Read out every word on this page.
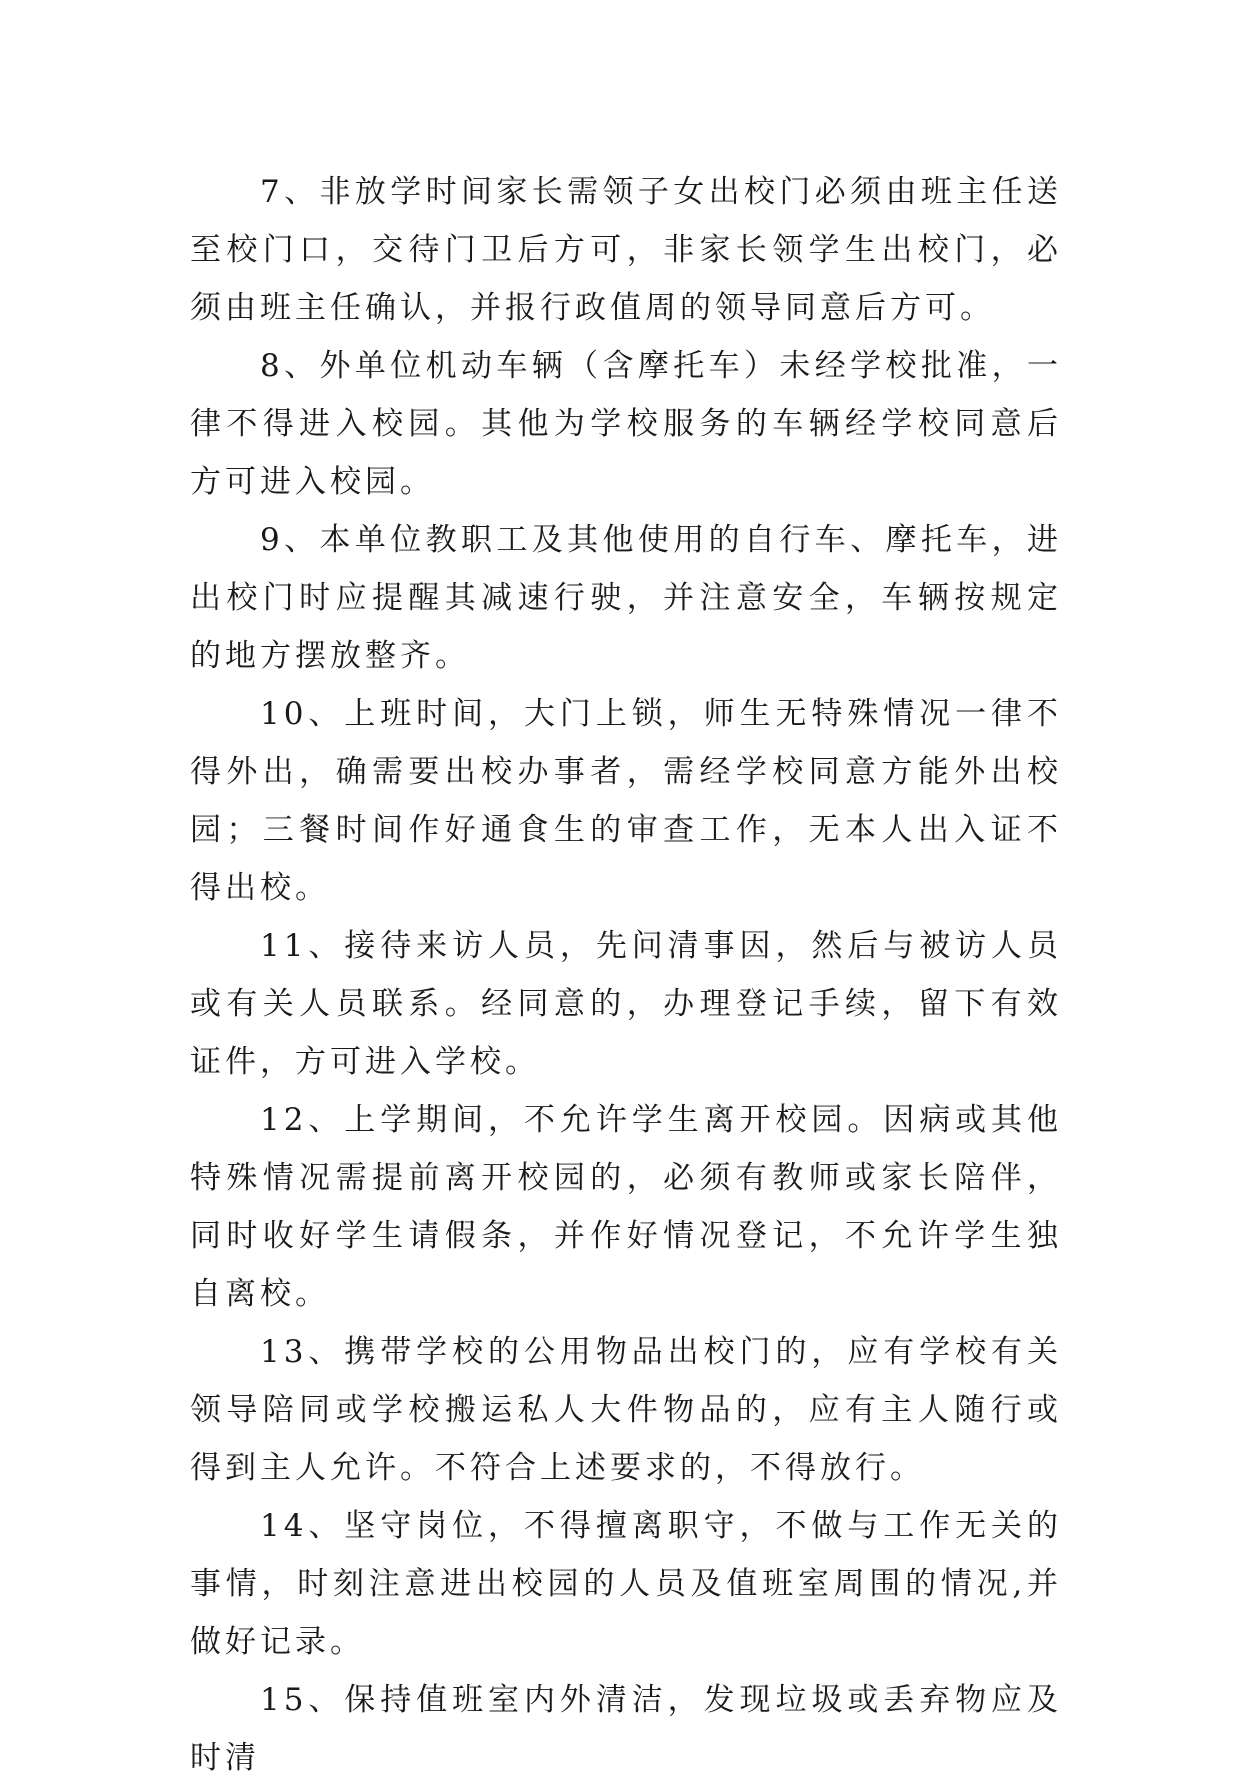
7、非放学时间家长需领子女出校门必须由班主任送至校门口，交待门卫后方可，非家长领学生出校门，必须由班主任确认，并报行政值周的领导同意后方可。

8、外单位机动车辆（含摩托车）未经学校批准，一律不得进入校园。其他为学校服务的车辆经学校同意后方可进入校园。

9、本单位教职工及其他使用的自行车、摩托车，进出校门时应提醒其减速行驶，并注意安全，车辆按规定的地方摆放整齐。

10、上班时间，大门上锁，师生无特殊情况一律不得外出，确需要出校办事者，需经学校同意方能外出校园；三餐时间作好通食生的审查工作，无本人出入证不得出校。

11、接待来访人员，先问清事因，然后与被访人员或有关人员联系。经同意的，办理登记手续，留下有效证件，方可进入学校。

12、上学期间，不允许学生离开校园。因病或其他特殊情况需提前离开校园的，必须有教师或家长陪伴，同时收好学生请假条，并作好情况登记，不允许学生独自离校。

13、携带学校的公用物品出校门的，应有学校有关领导陪同或学校搬运私人大件物品的，应有主人随行或得到主人允许。不符合上述要求的，不得放行。

14、坚守岗位，不得擅离职守，不做与工作无关的事情，时刻注意进出校园的人员及值班室周围的情况,并做好记录。

15、保持值班室内外清洁，发现垃圾或丢弃物应及时清
